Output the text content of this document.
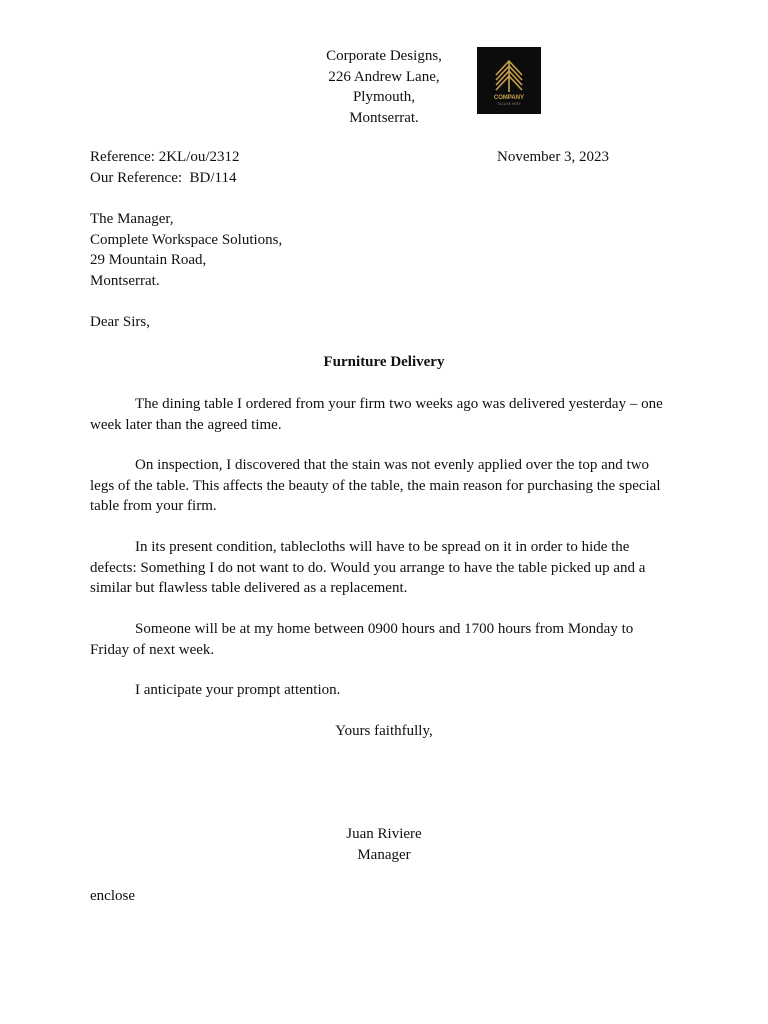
Corporate Designs,
226 Andrew Lane,
Plymouth,
Montserrat.
COMPANY
TAGLINE HERE
Reference: 2KL/ou/2312
Our Reference:  BD/114
November 3, 2023
The Manager,
Complete Workspace Solutions,
29 Mountain Road,
Montserrat.
Dear Sirs,
Furniture Delivery
The dining table I ordered from your firm two weeks ago was delivered yesterday – one week later than the agreed time.
On inspection, I discovered that the stain was not evenly applied over the top and two legs of the table. This affects the beauty of the table, the main reason for purchasing the special table from your firm.
In its present condition, tablecloths will have to be spread on it in order to hide the defects: Something I do not want to do. Would you arrange to have the table picked up and a similar but flawless table delivered as a replacement.
Someone will be at my home between 0900 hours and 1700 hours from Monday to Friday of next week.
I anticipate your prompt attention.
Yours faithfully,
Juan Riviere
Manager
enclose
